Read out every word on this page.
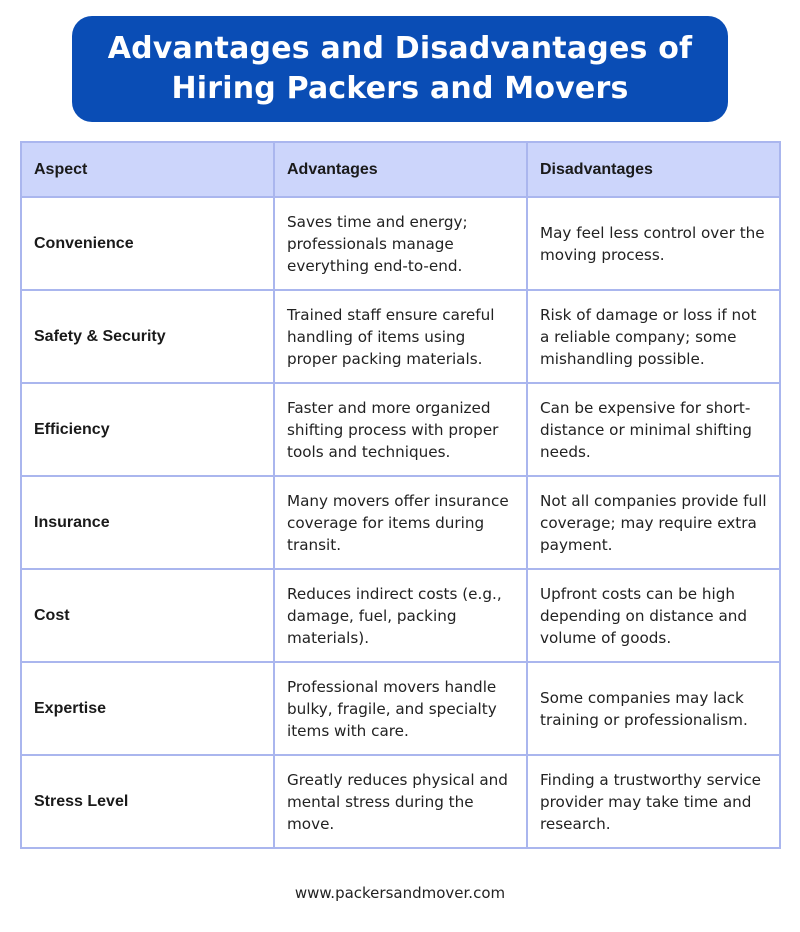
Advantages and Disadvantages of
Hiring Packers and Movers
Aspect	Advantages	Disadvantages
Convenience	Saves time and energy; professionals manage everything end-to-end.	May feel less control over the moving process.
Safety & Security	Trained staff ensure careful handling of items using proper packing materials.	Risk of damage or loss if not a reliable company; some mishandling possible.
Efficiency	Faster and more organized shifting process with proper tools and techniques.	Can be expensive for short-distance or minimal shifting needs.
Insurance	Many movers offer insurance coverage for items during transit.	Not all companies provide full coverage; may require extra payment.
Cost	Reduces indirect costs (e.g., damage, fuel, packing materials).	Upfront costs can be high depending on distance and volume of goods.
Expertise	Professional movers handle bulky, fragile, and specialty items with care.	Some companies may lack training or professionalism.
Stress Level	Greatly reduces physical and mental stress during the move.	Finding a trustworthy service provider may take time and research.
www.packersandmover.com
